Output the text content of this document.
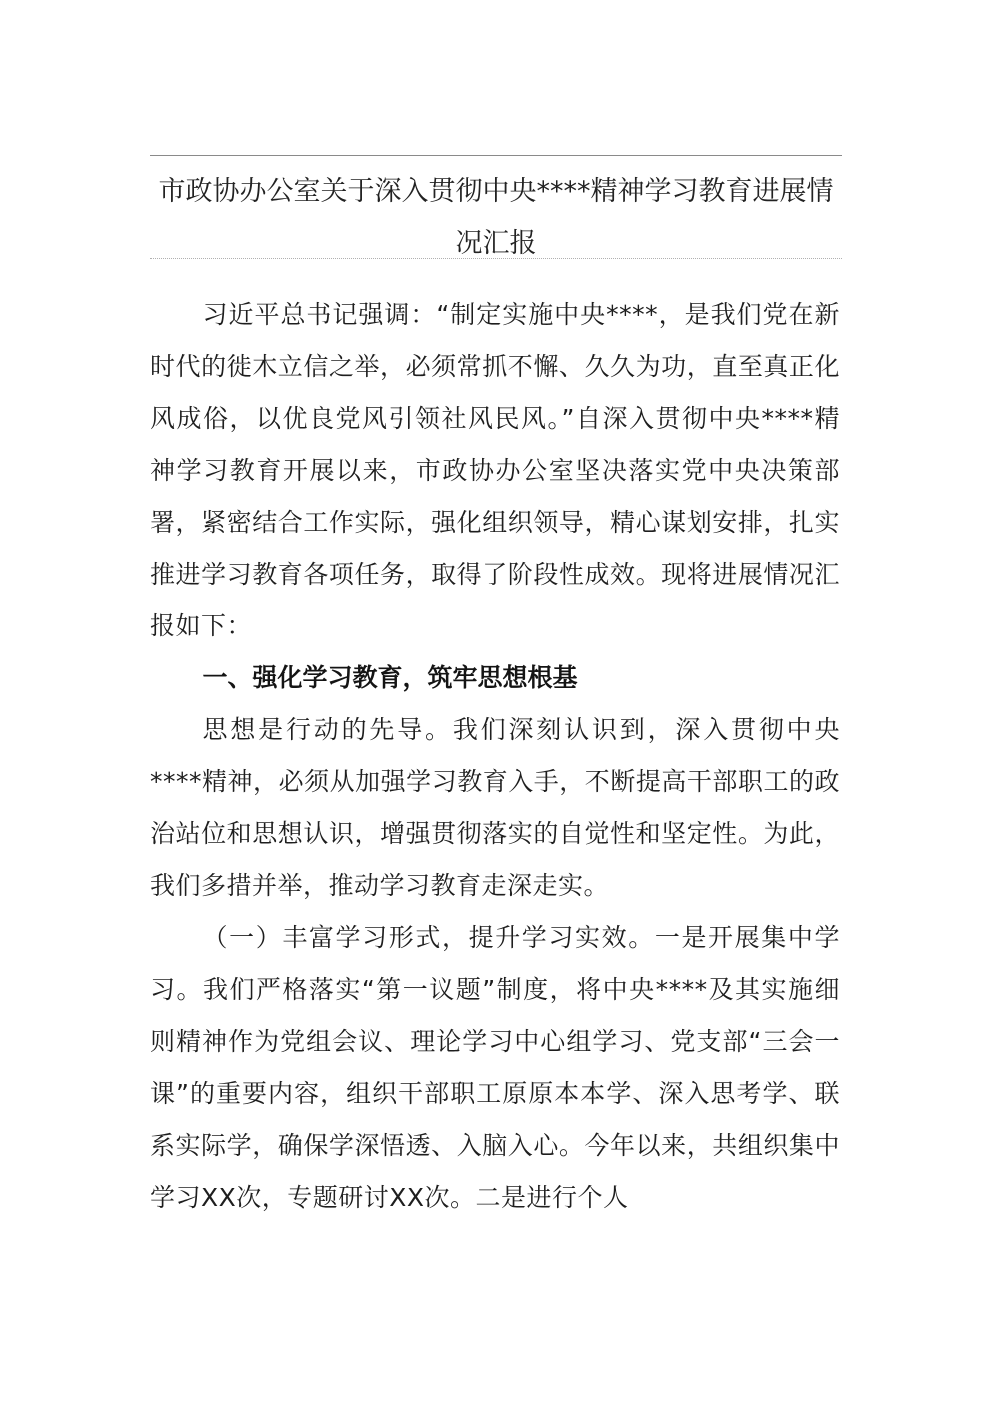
市政协办公室关于深入贯彻中央****精神学习教育进展情况汇报

习近平总书记强调：“制定实施中央****，是我们党在新时代的徙木立信之举，必须常抓不懈、久久为功，直至真正化风成俗，以优良党风引领社风民风。”自深入贯彻中央****精神学习教育开展以来，市政协办公室坚决落实党中央决策部署，紧密结合工作实际，强化组织领导，精心谋划安排，扎实推进学习教育各项任务，取得了阶段性成效。现将进展情况汇报如下：

一、强化学习教育，筑牢思想根基

思想是行动的先导。我们深刻认识到，深入贯彻中央****精神，必须从加强学习教育入手，不断提高干部职工的政治站位和思想认识，增强贯彻落实的自觉性和坚定性。为此，我们多措并举，推动学习教育走深走实。

（一）丰富学习形式，提升学习实效。一是开展集中学习。我们严格落实“第一议题”制度，将中央****及其实施细则精神作为党组会议、理论学习中心组学习、党支部“三会一课”的重要内容，组织干部职工原原本本学、深入思考学、联系实际学，确保学深悟透、入脑入心。今年以来，共组织集中学习XX次，专题研讨XX次。二是进行个人
